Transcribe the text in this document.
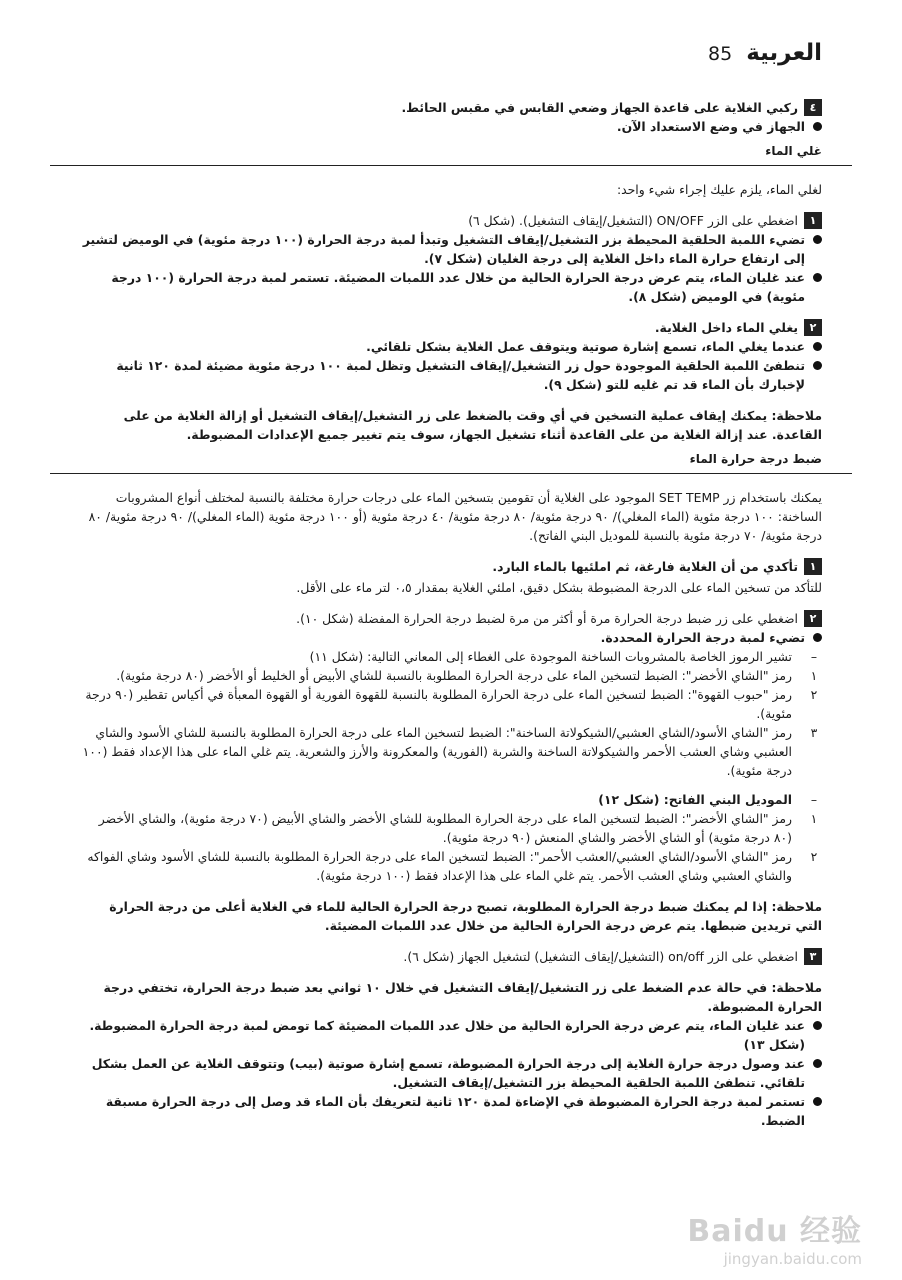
85 العربية
٤
ركبي الغلاية على قاعدة الجهاز وضعي القابس في مقبس الحائط.
الجهاز في وضع الاستعداد الآن.
غلي الماء
لغلي الماء، يلزم عليك إجراء شيء واحد:
١
اضغطي على الزر ON/OFF (التشغيل/إيقاف التشغيل). (شكل ٦)
تضيء اللمبة الحلقية المحيطة بزر التشغيل/إيقاف التشغيل وتبدأ لمبة درجة الحرارة (١٠٠ درجة مئوية) في الوميض لتشير إلى ارتفاع حرارة الماء داخل الغلاية إلى درجة الغليان (شكل ٧).
عند غليان الماء، يتم عرض درجة الحرارة الحالية من خلال عدد اللمبات المضيئة. تستمر لمبة درجة الحرارة (١٠٠ درجة مئوية) في الوميض (شكل ٨).
٢
يغلي الماء داخل الغلاية.
عندما يغلي الماء، تسمع إشارة صوتية ويتوقف عمل الغلاية بشكل تلقائي.
تنطفئ اللمبة الحلقية الموجودة حول زر التشغيل/إيقاف التشغيل وتظل لمبة ١٠٠ درجة مئوية مضيئة لمدة ١٢٠ ثانية لإخبارك بأن الماء قد تم غليه للتو (شكل ٩).
ملاحظة: يمكنك إيقاف عملية التسخين في أي وقت بالضغط على زر التشغيل/إيقاف التشغيل أو إزالة الغلاية من على القاعدة. عند إزالة الغلاية من على القاعدة أثناء تشغيل الجهاز، سوف يتم تغيير جميع الإعدادات المضبوطة.
ضبط درجة حرارة الماء
يمكنك باستخدام زر SET TEMP الموجود على الغلاية أن تقومين بتسخين الماء على درجات حرارة مختلفة بالنسبة لمختلف أنواع المشروبات الساخنة: ١٠٠ درجة مئوية (الماء المغلي)/ ٩٠ درجة مئوية/ ٨٠ درجة مئوية/ ٤٠ درجة مئوية (أو ١٠٠ درجة مئوية (الماء المغلي)/ ٩٠ درجة مئوية/ ٨٠ درجة مئوية/ ٧٠ درجة مئوية بالنسبة للموديل البني الفاتح).
١
تأكدي من أن الغلاية فارغة، ثم املئيها بالماء البارد.
للتأكد من تسخين الماء على الدرجة المضبوطة بشكل دقيق، املئي الغلاية بمقدار ٠،٥ لتر ماء على الأقل.
٢
اضغطي على زر ضبط درجة الحرارة مرة أو أكثر من مرة لضبط درجة الحرارة المفضلة (شكل ١٠).
تضيء لمبة درجة الحرارة المحددة.
–
تشير الرموز الخاصة بالمشروبات الساخنة الموجودة على الغطاء إلى المعاني التالية: (شكل ١١)
١
رمز "الشاي الأخضر": الضبط لتسخين الماء على درجة الحرارة المطلوبة بالنسبة للشاي الأبيض أو الخليط أو الأخضر (٨٠ درجة مئوية).
٢
رمز "حبوب القهوة": الضبط لتسخين الماء على درجة الحرارة المطلوبة بالنسبة للقهوة الفورية أو القهوة المعبأة في أكياس تقطير (٩٠ درجة مئوية).
٣
رمز "الشاي الأسود/الشاي العشبي/الشيكولاتة الساخنة": الضبط لتسخين الماء على درجة الحرارة المطلوبة بالنسبة للشاي الأسود والشاي العشبي وشاي العشب الأحمر والشيكولاتة الساخنة والشربة (الفورية) والمعكرونة والأرز والشعرية. يتم غلي الماء على هذا الإعداد فقط (١٠٠ درجة مئوية).
–
الموديل البني الفاتح: (شكل ١٢)
١
رمز "الشاي الأخضر": الضبط لتسخين الماء على درجة الحرارة المطلوبة للشاي الأخضر والشاي الأبيض (٧٠ درجة مئوية)، والشاي الأخضر (٨٠ درجة مئوية) أو الشاي الأخضر والشاي المنعش (٩٠ درجة مئوية).
٢
رمز "الشاي الأسود/الشاي العشبي/العشب الأحمر": الضبط لتسخين الماء على درجة الحرارة المطلوبة بالنسبة للشاي الأسود وشاي الفواكه والشاي العشبي وشاي العشب الأحمر. يتم غلي الماء على هذا الإعداد فقط (١٠٠ درجة مئوية).
ملاحظة: إذا لم يمكنك ضبط درجة الحرارة المطلوبة، تصبح درجة الحرارة الحالية للماء في الغلاية أعلى من درجة الحرارة التي تريدين ضبطها. يتم عرض درجة الحرارة الحالية من خلال عدد اللمبات المضيئة.
٣
اضغطي على الزر on/off (التشغيل/إيقاف التشغيل) لتشغيل الجهاز (شكل ٦).
ملاحظة: في حالة عدم الضغط على زر التشغيل/إيقاف التشغيل في خلال ١٠ ثواني بعد ضبط درجة الحرارة، تختفي درجة الحرارة المضبوطة.
عند غليان الماء، يتم عرض درجة الحرارة الحالية من خلال عدد اللمبات المضيئة كما تومض لمبة درجة الحرارة المضبوطة. (شكل ١٣)
عند وصول درجة حرارة الغلاية إلى درجة الحرارة المضبوطة، تسمع إشارة صوتية (بيب) وتتوقف الغلاية عن العمل بشكل تلقائي. تنطفئ اللمبة الحلقية المحيطة بزر التشغيل/إيقاف التشغيل.
تستمر لمبة درجة الحرارة المضبوطة في الإضاءة لمدة ١٢٠ ثانية لتعريفك بأن الماء قد وصل إلى درجة الحرارة مسبقة الضبط.
Baidu 经验
jingyan.baidu.com
